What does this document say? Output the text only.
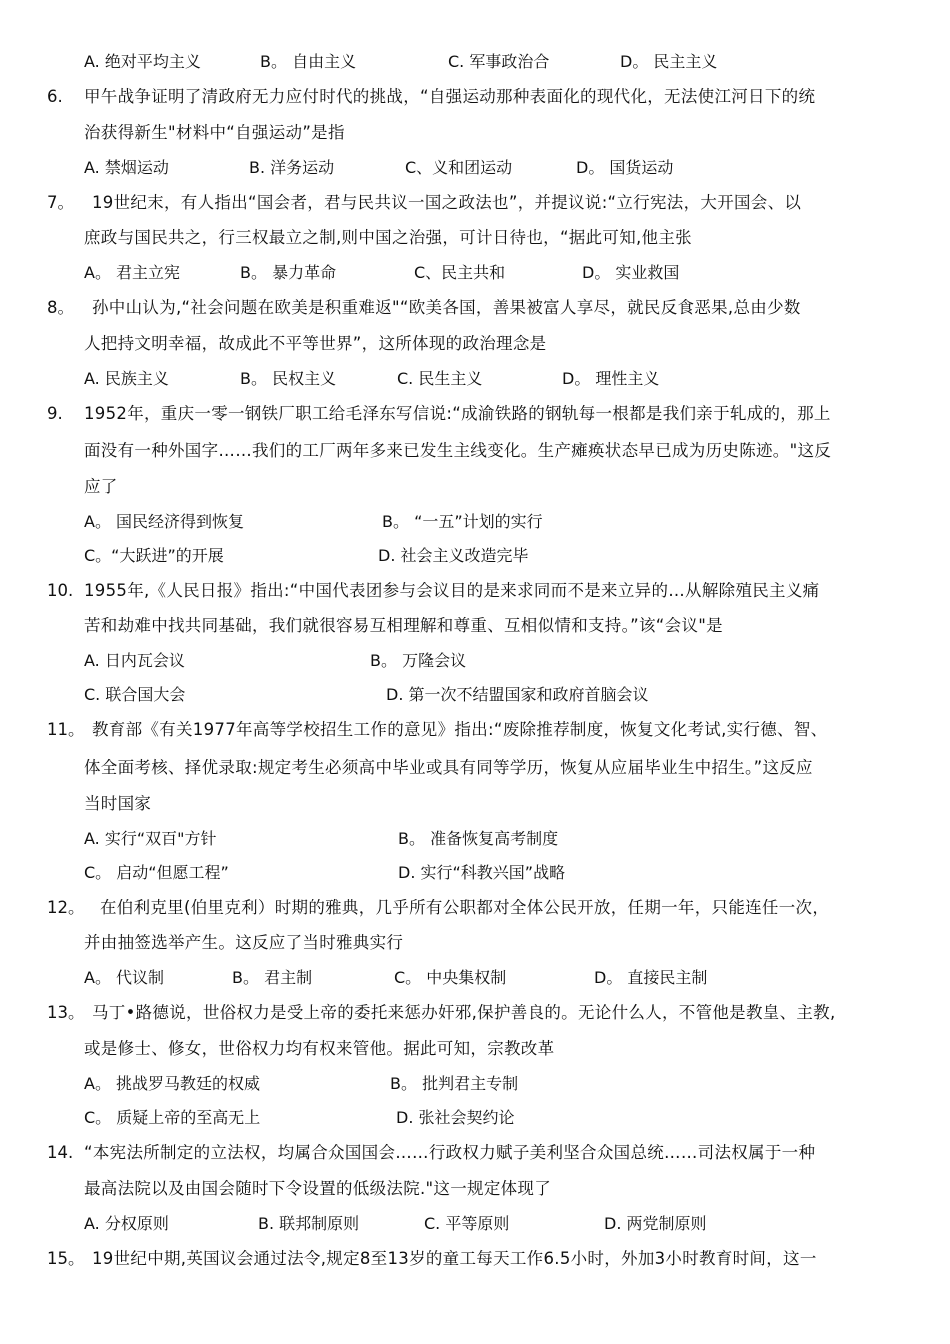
A. 绝对平均主义	B。 自由主义	C. 军事政治合	D。 民主主义
6. 甲午战争证明了清政府无力应付时代的挑战，“自强运动那种表面化的现代化，无法使江河日下的统
治获得新生"材料中“自强运动”是指
A. 禁烟运动	B. 洋务运动	C、义和团运动	D。 国货运动
7。 19世纪末，有人指出“国会者，君与民共议一国之政法也”，并提议说:“立行宪法，大开国会、以
庶政与国民共之，行三权最立之制,则中国之治强，可计日待也，“据此可知,他主张
A。 君主立宪	B。 暴力革命	C、民主共和	D。 实业救国
8。 孙中山认为,“社会问题在欧美是积重难返"“欧美各国，善果被富人享尽，就民反食恶果,总由少数
人把持文明幸福，故成此不平等世界”，这所体现的政治理念是
A. 民族主义	B。 民权主义	C. 民生主义	D。 理性主义
9. 1952年，重庆一零一钢铁厂职工给毛泽东写信说:“成渝铁路的钢轨每一根都是我们亲于轧成的，那上
面没有一种外国字……我们的工厂两年多来已发生主线变化。生产瘫痪状态早已成为历史陈迹。"这反
应了
A。 国民经济得到恢复	B。 “一五”计划的实行
C。“大跃进”的开展	D. 社会主义改造完毕
10. 1955年,《人民日报》指出:“中国代表团参与会议目的是来求同而不是来立异的…从解除殖民主义痛
苦和劫难中找共同基础，我们就很容易互相理解和尊重、互相似情和支持。”该“会议"是
A. 日内瓦会议	B。 万隆会议
C. 联合国大会	D. 第一次不结盟国家和政府首脑会议
11。 教育部《有关1977年高等学校招生工作的意见》指出:“废除推荐制度，恢复文化考试,实行德、智、
体全面考核、择优录取:规定考生必须高中毕业或具有同等学历，恢复从应届毕业生中招生。”这反应
当时国家
A. 实行“双百"方针	B。 准备恢复高考制度
C。 启动“但愿工程”	D. 实行“科教兴国”战略
12。 在伯利克里(伯里克利）时期的雅典，几乎所有公职都对全体公民开放，任期一年，只能连任一次，
并由抽签选举产生。这反应了当时雅典实行
A。 代议制	B。 君主制	C。 中央集权制	D。 直接民主制
13。 马丁•路德说，世俗权力是受上帝的委托来惩办奸邪,保护善良的。无论什么人，不管他是教皇、主教,
或是修士、修女，世俗权力均有权来管他。据此可知，宗教改革
A。 挑战罗马教廷的权威	B。 批判君主专制
C。 质疑上帝的至高无上	D. 张社会契约论
14. “本宪法所制定的立法权，均属合众国国会……行政权力赋子美利坚合众国总统……司法权属于一种
最高法院以及由国会随时下令设置的低级法院."这一规定体现了
A. 分权原则	B. 联邦制原则	C. 平等原则	D. 两党制原则
15。 19世纪中期,英国议会通过法令,规定8至13岁的童工每天工作6.5小时，外加3小时教育时间，这一
